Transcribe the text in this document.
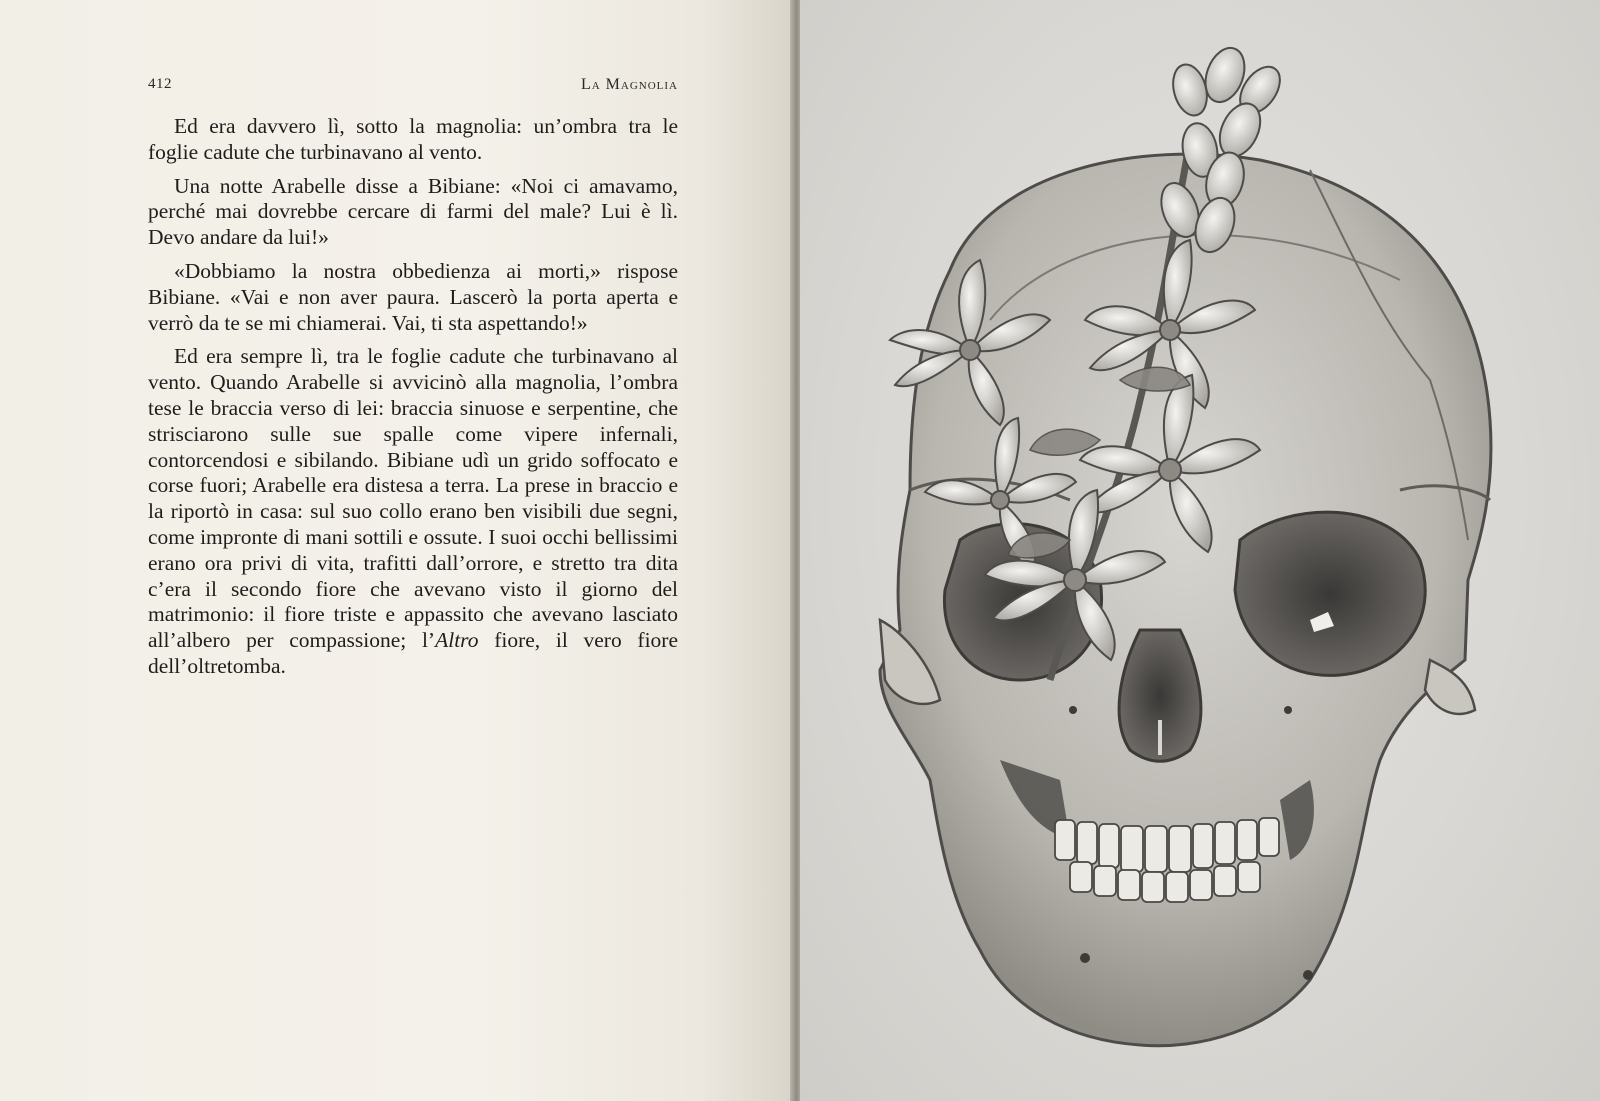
412	La Magnolia

Ed era davvero lì, sotto la magnolia: un’ombra tra le foglie cadute che turbinavano al vento.

Una notte Arabelle disse a Bibiane: «Noi ci amavamo, perché mai dovrebbe cercare di farmi del male? Lui è lì. Devo andare da lui!»

«Dobbiamo la nostra obbedienza ai morti,» rispose Bibiane. «Vai e non aver paura. Lascerò la porta aperta e verrò da te se mi chiamerai. Vai, ti sta aspettando!»

Ed era sempre lì, tra le foglie cadute che turbinavano al vento. Quando Arabelle si avvicinò alla magnolia, l’ombra tese le braccia verso di lei: braccia sinuose e serpentine, che strisciarono sulle sue spalle come vipere infernali, contorcendosi e sibilando. Bibiane udì un grido soffocato e corse fuori; Arabelle era distesa a terra. La prese in braccio e la riportò in casa: sul suo collo erano ben visibili due segni, come impronte di mani sottili e ossute. I suoi occhi bellissimi erano ora privi di vita, trafitti dall’orrore, e stretto tra dita c’era il secondo fiore che avevano visto il giorno del matrimonio: il fiore triste e appassito che avevano lasciato all’albero per compassione; l’Altro fiore, il vero fiore dell’oltretomba.
